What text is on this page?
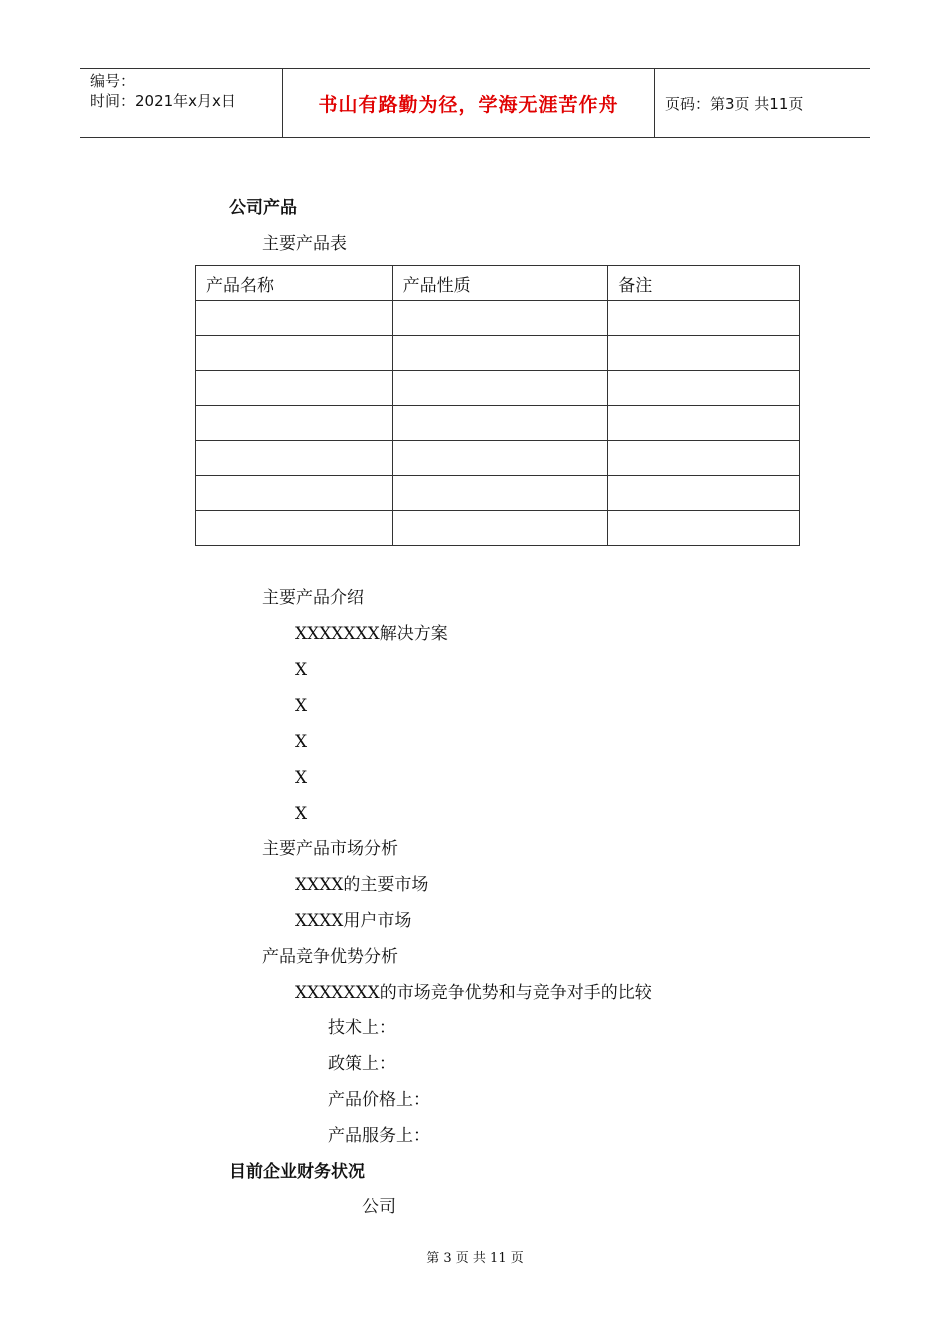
编号：
时间：2021年x月x日	书山有路勤为径，学海无涯苦作舟	页码：第3页 共11页
公司产品
主要产品表
产品名称	产品性质	备注

主要产品介绍
XXXXXXX解决方案
X
X
X
X
X
主要产品市场分析
XXXX的主要市场
XXXX用户市场
产品竞争优势分析
XXXXXXX的市场竞争优势和与竞争对手的比较
技术上：
政策上：
产品价格上：
产品服务上：
目前企业财务状况
公司
第 3 页 共 11 页
